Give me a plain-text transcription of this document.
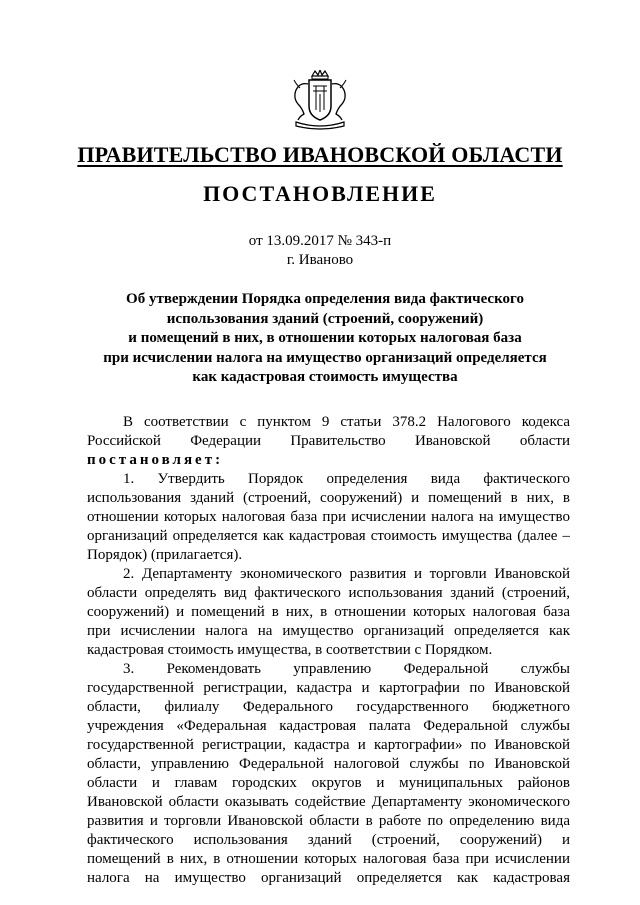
ПРАВИТЕЛЬСТВО ИВАНОВСКОЙ ОБЛАСТИ
ПОСТАНОВЛЕНИЕ
от 13.09.2017 № 343-п
г. Иваново
Об утверждении Порядка определения вида фактического
использования зданий (строений, сооружений)
и помещений в них, в отношении которых налоговая база
при исчислении налога на имущество организаций определяется
как кадастровая стоимость имущества
В соответствии с пунктом 9 статьи 378.2 Налогового кодекса
Российской Федерации Правительство Ивановской области
постановляет:
1. Утвердить Порядок определения вида фактического
использования зданий (строений, сооружений) и помещений в них, в
отношении которых налоговая база при исчислении налога на имущество
организаций определяется как кадастровая стоимость имущества (далее –
Порядок) (прилагается).
2. Департаменту экономического развития и торговли Ивановской
области определять вид фактического использования зданий (строений,
сооружений) и помещений в них, в отношении которых налоговая база
при исчислении налога на имущество организаций определяется как
кадастровая стоимость имущества, в соответствии с Порядком.
3. Рекомендовать управлению Федеральной службы
государственной регистрации, кадастра и картографии по Ивановской
области, филиалу Федерального государственного бюджетного
учреждения «Федеральная кадастровая палата Федеральной службы
государственной регистрации, кадастра и картографии» по Ивановской
области, управлению Федеральной налоговой службы по Ивановской
области и главам городских округов и муниципальных районов
Ивановской области оказывать содействие Департаменту экономического
развития и торговли Ивановской области в работе по определению вида
фактического использования зданий (строений, сооружений) и
помещений в них, в отношении которых налоговая база при исчислении
налога на имущество организаций определяется как кадастровая
